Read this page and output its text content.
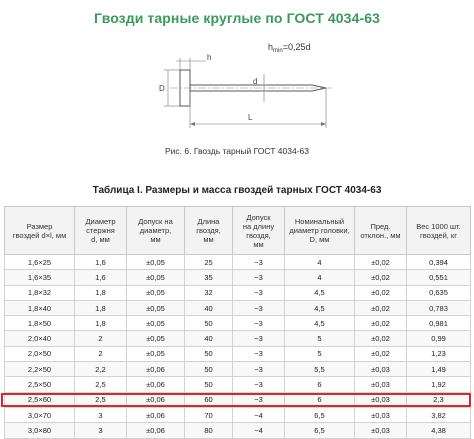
Гвозди тарные круглые по ГОСТ 4034-63
D
h
$h_{min}=0,25d$
d
L
Рис. 6. Гвоздь тарный ГОСТ 4034-63
Таблица I. Размеры и масса гвоздей тарных ГОСТ 4034-63
Размер
гвоздей d×l, мм	Диаметр
стержня
d, мм	Допуск на
диаметр,
мм	Длина
гвоздя,
мм	Допуск
на длину
гвоздя,
мм	Номинальный
диаметр головки,
D, мм	Пред.
отклон., мм	Вес 1000 шт.
гвоздей, кг
1,6×25	1,6	±0,05	25	−3	4	±0,02	0,394
1,6×35	1,6	±0,05	35	−3	4	±0,02	0,551
1,8×32	1,8	±0,05	32	−3	4,5	±0,02	0,635
1,8×40	1,8	±0,05	40	−3	4,5	±0,02	0,783
1,8×50	1,8	±0,05	50	−3	4,5	±0,02	0,981
2,0×40	2	±0,05	40	−3	5	±0,02	0,99
2,0×50	2	±0,05	50	−3	5	±0,02	1,23
2,2×50	2,2	±0,06	50	−3	5,5	±0,03	1,49
2,5×50	2,5	±0,06	50	−3	6	±0,03	1,92
2,5×60	2,5	±0,06	60	−3	6	±0,03	2,3
3,0×70	3	±0,06	70	−4	6,5	±0,03	3,82
3,0×80	3	±0,06	80	−4	6,5	±0,03	4,38
